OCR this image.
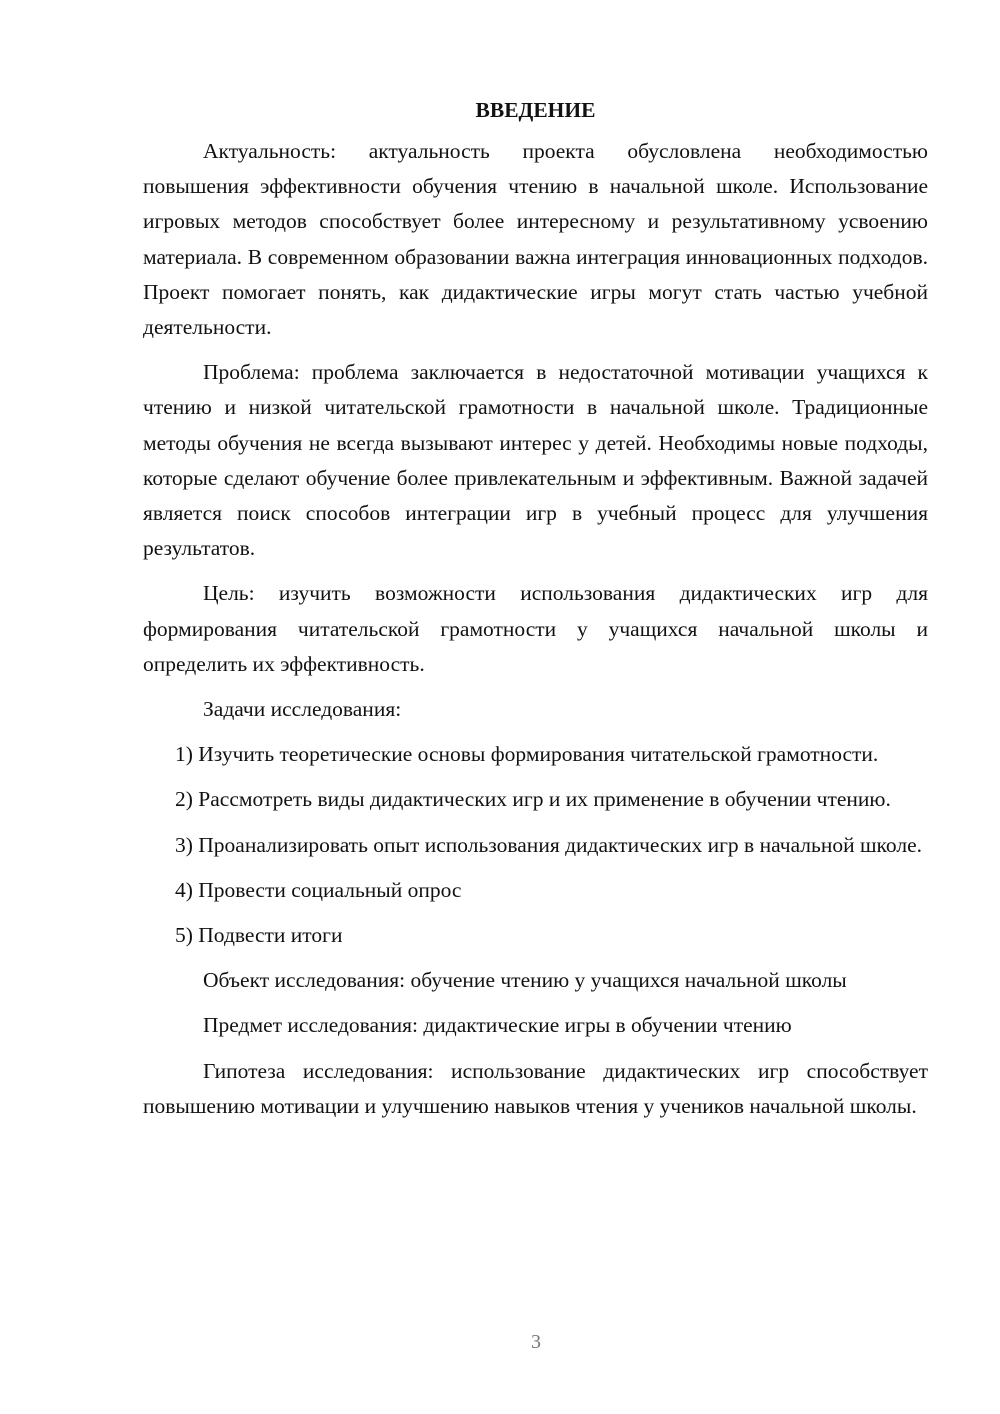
ВВЕДЕНИЕ

Актуальность: актуальность проекта обусловлена необходимостью повышения эффективности обучения чтению в начальной школе. Использование игровых методов способствует более интересному и результативному усвоению материала. В современном образовании важна интеграция инновационных подходов. Проект помогает понять, как дидактические игры могут стать частью учебной деятельности.

Проблема: проблема заключается в недостаточной мотивации учащихся к чтению и низкой читательской грамотности в начальной школе. Традиционные методы обучения не всегда вызывают интерес у детей. Необходимы новые подходы, которые сделают обучение более привлекательным и эффективным. Важной задачей является поиск способов интеграции игр в учебный процесс для улучшения результатов.

Цель: изучить возможности использования дидактических игр для формирования читательской грамотности у учащихся начальной школы и определить их эффективность.

Задачи исследования:

1) Изучить теоретические основы формирования читательской грамотности.

2) Рассмотреть виды дидактических игр и их применение в обучении чтению.

3) Проанализировать опыт использования дидактических игр в начальной школе.

4) Провести социальный опрос

5) Подвести итоги

Объект исследования: обучение чтению у учащихся начальной школы

Предмет исследования: дидактические игры в обучении чтению

Гипотеза исследования: использование дидактических игр способствует повышению мотивации и улучшению навыков чтения у учеников начальной школы.

3
